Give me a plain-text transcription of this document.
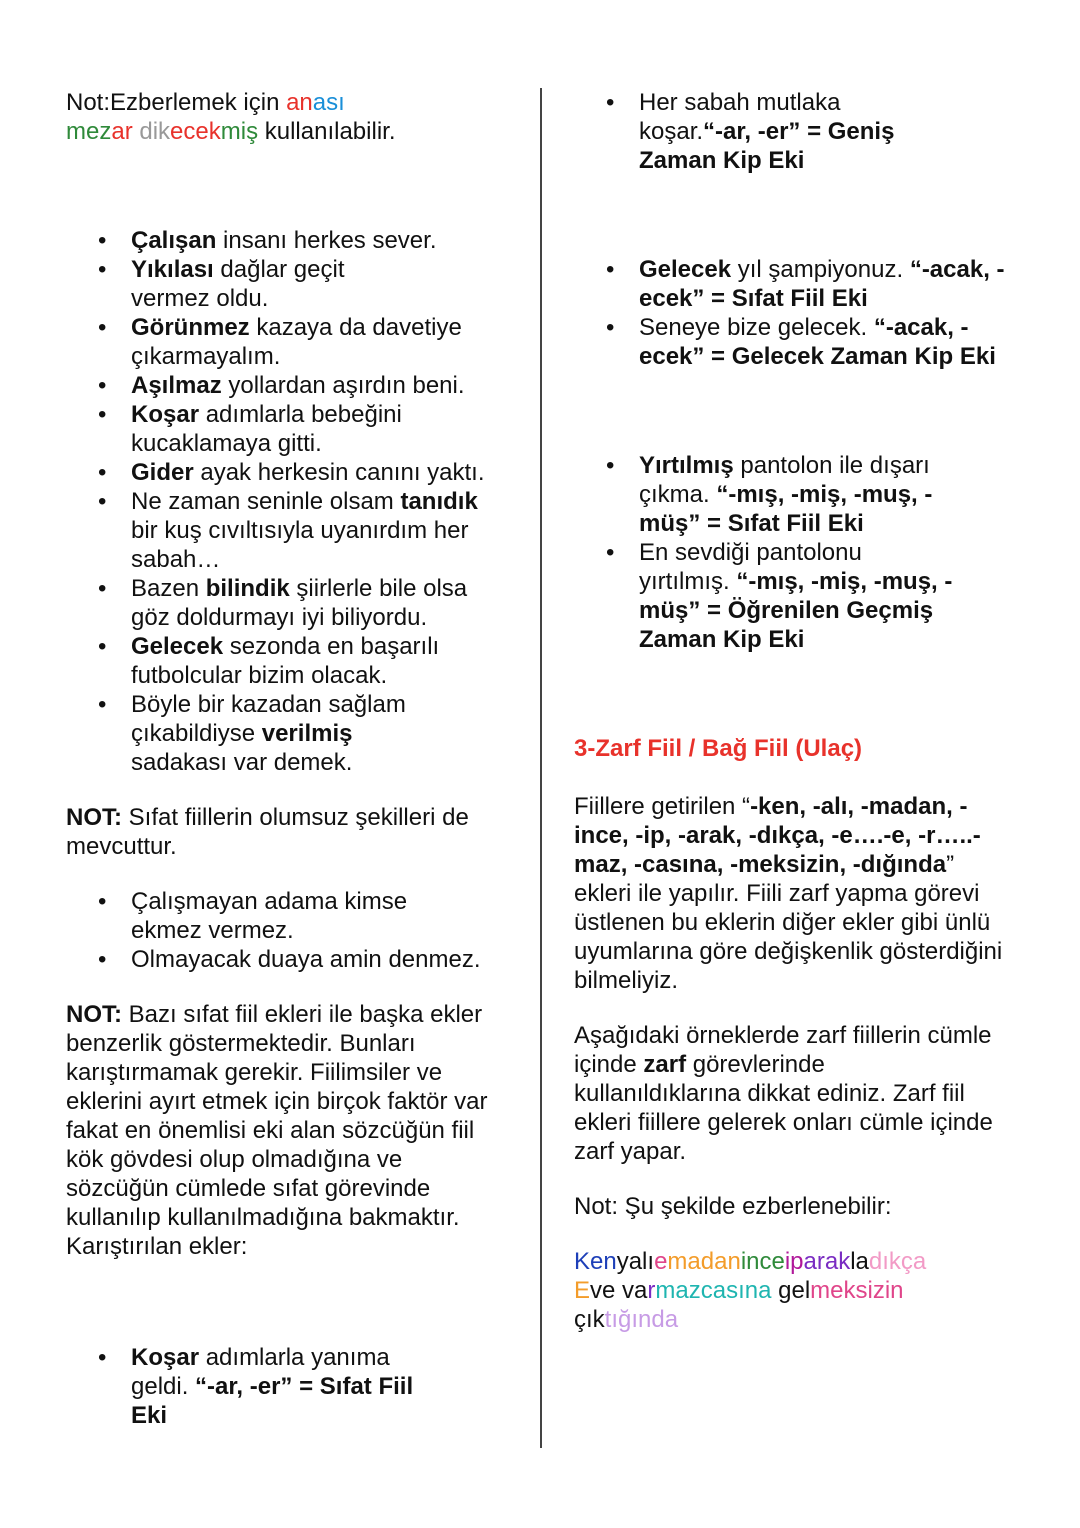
Not:Ezberlemek için anası
mezar dikecekmiş kullanılabilir.

• Çalışan insanı herkes sever.
• Yıkılası dağlar geçit vermez oldu.
• Görünmez kazaya da davetiye çıkarmayalım.
• Aşılmaz yollardan aşırdın beni.
• Koşar adımlarla bebeğini kucaklamaya gitti.
• Gider ayak herkesin canını yaktı.
• Ne zaman seninle olsam tanıdık bir kuş cıvıltısıyla uyanırdım her sabah…
• Bazen bilindik şiirlerle bile olsa göz doldurmayı iyi biliyordu.
• Gelecek sezonda en başarılı futbolcular bizim olacak.
• Böyle bir kazadan sağlam çıkabildiyse verilmiş sadakası var demek.

NOT: Sıfat fiillerin olumsuz şekilleri de mevcuttur.

• Çalışmayan adama kimse ekmez vermez.
• Olmayacak duaya amin denmez.

NOT: Bazı sıfat fiil ekleri ile başka ekler benzerlik göstermektedir. Bunları karıştırmamak gerekir. Fiilimsiler ve eklerini ayırt etmek için birçok faktör var fakat en önemlisi eki alan sözcüğün fiil kök gövdesi olup olmadığına ve sözcüğün cümlede sıfat görevinde kullanılıp kullanılmadığına bakmaktır. Karıştırılan ekler:

• Koşar adımlarla yanıma geldi. “-ar, -er” = Sıfat Fiil Eki
• Her sabah mutlaka koşar.“-ar, -er” = Geniş Zaman Kip Eki
• Gelecek yıl şampiyonuz. “-acak, -ecek” = Sıfat Fiil Eki
• Seneye bize gelecek. “-acak, -ecek” = Gelecek Zaman Kip Eki
• Yırtılmış pantolon ile dışarı çıkma. “-mış, -miş, -muş, -müş” = Sıfat Fiil Eki
• En sevdiği pantolonu yırtılmış. “-mış, -miş, -muş, -müş” = Öğrenilen Geçmiş Zaman Kip Eki

3-Zarf Fiil / Bağ Fiil (Ulaç)

Fiillere getirilen “-ken, -alı, -madan, -ince, -ip, -arak, -dıkça, -e….-e, -r…..-maz, -casına, -meksizin, -dığında” ekleri ile yapılır. Fiili zarf yapma görevi üstlenen bu eklerin diğer ekler gibi ünlü uyumlarına göre değişkenlik gösterdiğini bilmeliyiz.

Aşağıdaki örneklerde zarf fiillerin cümle içinde zarf görevlerinde kullanıldıklarına dikkat ediniz. Zarf fiil ekleri fiillere gelerek onları cümle içinde zarf yapar.

Not: Şu şekilde ezberlenebilir:

Kenyalıemadaninceiparakladıkça
Eve varmazcasına gelmeksizin
çıktığında
